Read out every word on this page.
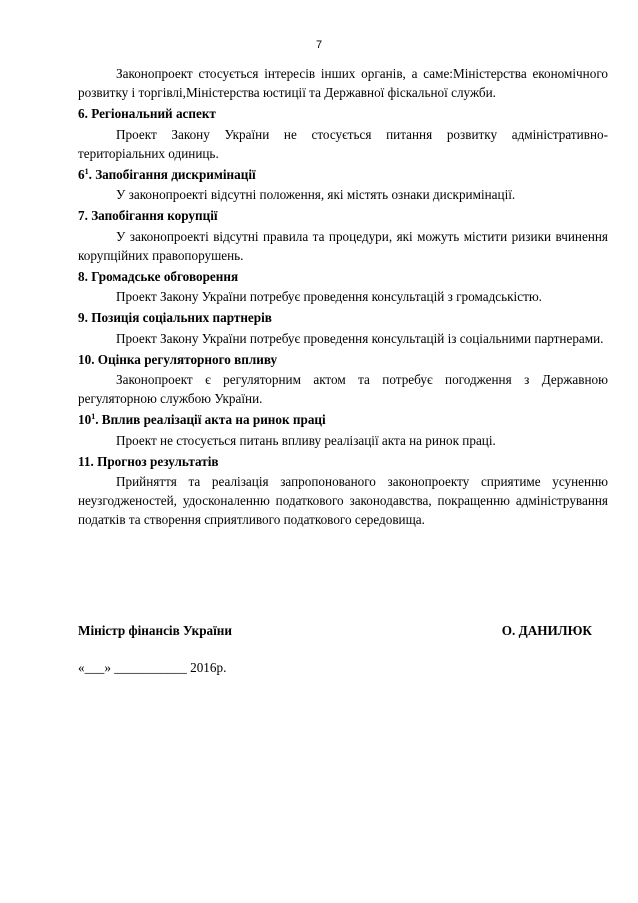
7

Законопроект стосується інтересів інших органів, а саме:Міністерства економічного розвитку і торгівлі,Міністерства юстиції та Державної фіскальної служби.

6. Регіональний аспект

Проект Закону України не стосується питання розвитку адміністративно-територіальних одиниць.

$6^1$. Запобігання дискримінації

У законопроекті відсутні положення, які містять ознаки дискримінації.

7. Запобігання корупції

У законопроекті відсутні правила та процедури, які можуть містити ризики вчинення корупційних правопорушень.

8. Громадське обговорення

Проект Закону України потребує проведення консультацій з громадськістю.

9. Позиція соціальних партнерів

Проект Закону України потребує проведення консультацій із соціальними партнерами.

10. Оцінка регуляторного впливу

Законопроект є регуляторним актом та потребує погодження з Державною регуляторною службою України.

$10^1$. Вплив реалізації акта на ринок праці

Проект не стосується питань впливу реалізації акта на ринок праці.

11. Прогноз результатів

Прийняття та реалізація запропонованого законопроекту сприятиме усуненню неузгодженостей, удосконаленню податкового законодавства, покращенню адміністрування податків та створення сприятливого податкового середовища.

Міністр фінансів України	О. ДАНИЛЮК
«___» ___________ 2016р.
